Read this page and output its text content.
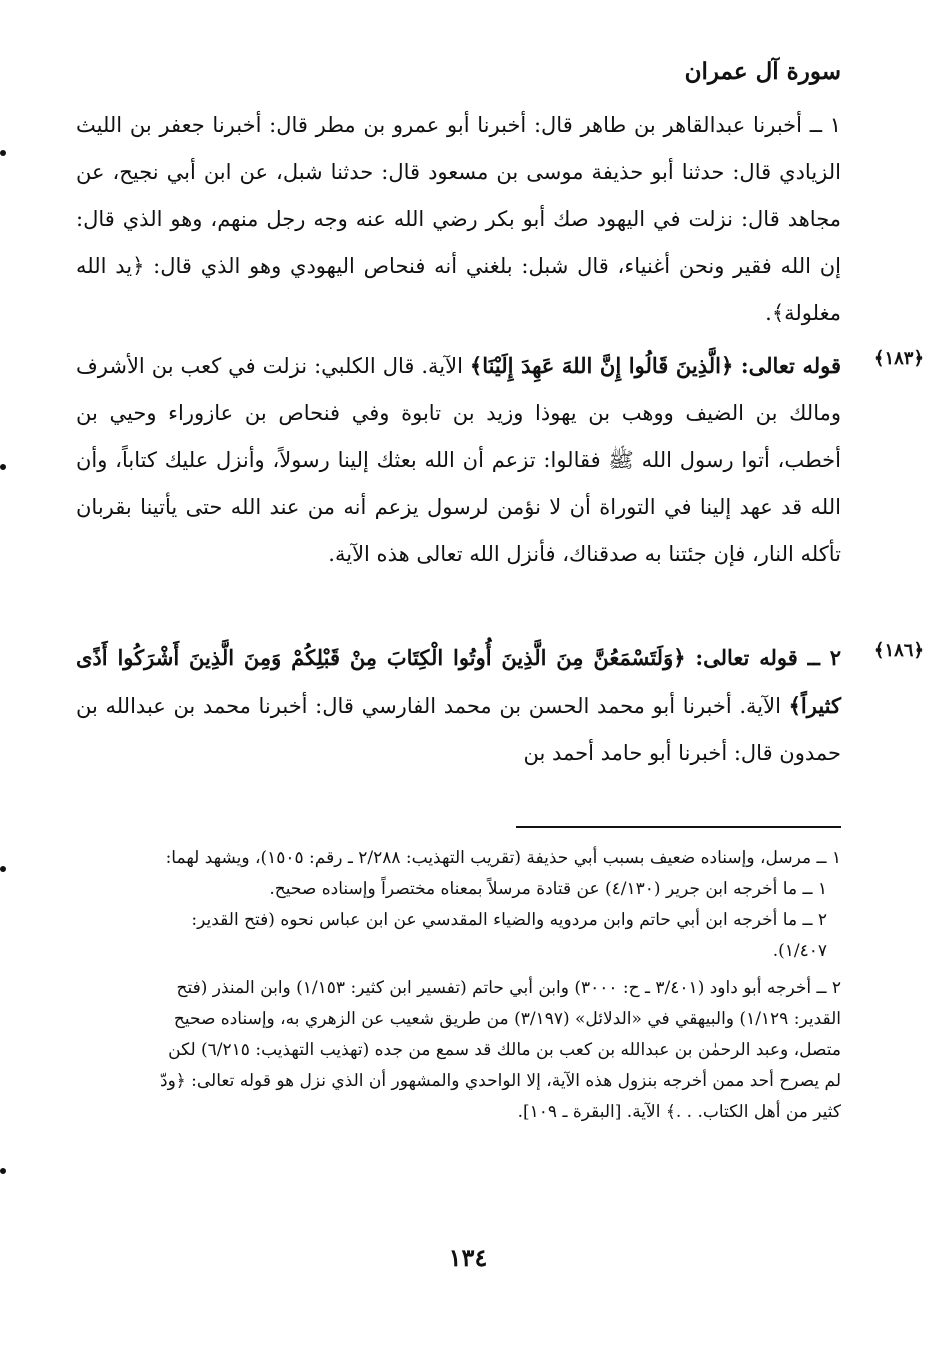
سورة آل عمران

١ ــ أخبرنا عبدالقاهر بن طاهر قال: أخبرنا أبو عمرو بن مطر قال: أخبرنا جعفر بن الليث الزيادي قال: حدثنا أبو حذيفة موسى بن مسعود قال: حدثنا شبل، عن ابن أبي نجيح، عن مجاهد قال: نزلت في اليهود صك أبو بكر رضي الله عنه وجه رجل منهم، وهو الذي قال: إن الله فقير ونحن أغنياء، قال شبل: بلغني أنه فنحاص اليهودي وهو الذي قال: ﴿يد الله مغلولة﴾.

﴿١٨٣﴾

قوله تعالى: ﴿الَّذِينَ قَالُوا إِنَّ اللهَ عَهِدَ إِلَيْنَا﴾ الآية. قال الكلبي: نزلت في كعب بن الأشرف ومالك بن الضيف ووهب بن يهوذا وزيد بن تابوة وفي فنحاص بن عازوراء وحيي بن أخطب، أتوا رسول الله ﷺ فقالوا: تزعم أن الله بعثك إلينا رسولاً، وأنزل عليك كتاباً، وأن الله قد عهد إلينا في التوراة أن لا نؤمن لرسول يزعم أنه من عند الله حتى يأتينا بقربان تأكله النار، فإن جئتنا به صدقناك، فأنزل الله تعالى هذه الآية.

﴿١٨٦﴾

٢ ــ قوله تعالى: ﴿وَلَتَسْمَعُنَّ مِنَ الَّذِينَ أُوتُوا الْكِتَابَ مِنْ قَبْلِكُمْ وَمِنَ الَّذِينَ أَشْرَكُوا أَذًى كثيراً﴾ الآية. أخبرنا أبو محمد الحسن بن محمد الفارسي قال: أخبرنا محمد بن عبدالله بن حمدون قال: أخبرنا أبو حامد أحمد بن

١ ــ مرسل، وإسناده ضعيف بسبب أبي حذيفة (تقريب التهذيب: ٢/٢٨٨ ـ رقم: ١٥٠٥)، ويشهد لهما:

١ ــ ما أخرجه ابن جرير (٤/١٣٠) عن قتادة مرسلاً بمعناه مختصراً وإسناده صحيح.

٢ ــ ما أخرجه ابن أبي حاتم وابن مردويه والضياء المقدسي عن ابن عباس نحوه (فتح القدير: ١/٤٠٧).

٢ ــ أخرجه أبو داود (٣/٤٠١ ـ ح: ٣٠٠٠) وابن أبي حاتم (تفسير ابن كثير: ١/١٥٣) وابن المنذر (فتح القدير: ١/١٢٩) والبيهقي في «الدلائل» (٣/١٩٧) من طريق شعيب عن الزهري به، وإسناده صحيح متصل، وعبد الرحمٰن بن عبدالله بن كعب بن مالك قد سمع من جده (تهذيب التهذيب: ٦/٢١٥) لكن لم يصرح أحد ممن أخرجه بنزول هذه الآية، إلا الواحدي والمشهور أن الذي نزل هو قوله تعالى: ﴿ودّ كثير من أهل الكتاب. . .﴾ الآية. [البقرة ـ ١٠٩].

١٣٤
